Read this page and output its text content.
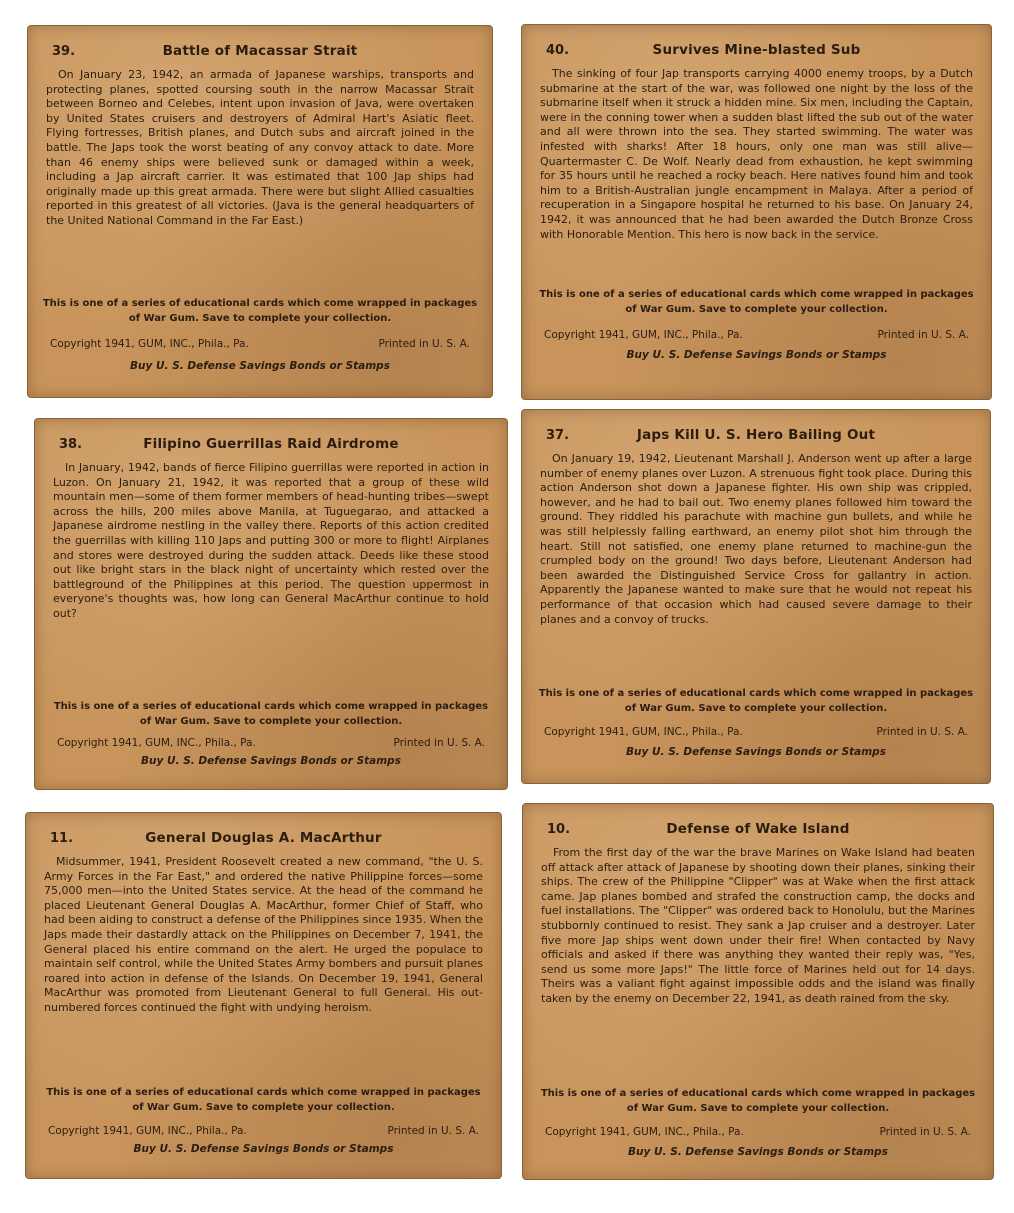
39.	Battle of Macassar Strait
On January 23, 1942, an armada of Japanese warships, transports and protecting planes, spotted coursing south in the narrow Macassar Strait between Borneo and Celebes, intent upon invasion of Java, were overtaken by United States cruisers and destroyers of Admiral Hart's Asiatic fleet. Flying fortresses, British planes, and Dutch subs and aircraft joined in the battle. The Japs took the worst beating of any convoy attack to date. More than 46 enemy ships were believed sunk or damaged within a week, including a Jap aircraft carrier. It was estimated that 100 Jap ships had originally made up this great armada. There were but slight Allied casualties reported in this greatest of all victories. (Java is the general headquarters of the United National Command in the Far East.)
This is one of a series of educational cards which come wrapped in packages of War Gum. Save to complete your collection.
Copyright 1941, GUM, INC., Phila., Pa.	Printed in U. S. A.
Buy U. S. Defense Savings Bonds or Stamps
40.	Survives Mine-blasted Sub
The sinking of four Jap transports carrying 4000 enemy troops, by a Dutch submarine at the start of the war, was followed one night by the loss of the submarine itself when it struck a hidden mine. Six men, including the Captain, were in the conning tower when a sudden blast lifted the sub out of the water and all were thrown into the sea. They started swimming. The water was infested with sharks! After 18 hours, only one man was still alive—Quartermaster C. De Wolf. Nearly dead from exhaustion, he kept swimming for 35 hours until he reached a rocky beach. Here natives found him and took him to a British-Australian jungle encampment in Malaya. After a period of recuperation in a Singapore hospital he returned to his base. On January 24, 1942, it was announced that he had been awarded the Dutch Bronze Cross with Honorable Mention. This hero is now back in the service.
This is one of a series of educational cards which come wrapped in packages of War Gum. Save to complete your collection.
Copyright 1941, GUM, INC., Phila., Pa.	Printed in U. S. A.
Buy U. S. Defense Savings Bonds or Stamps
38.	Filipino Guerrillas Raid Airdrome
In January, 1942, bands of fierce Filipino guerrillas were reported in action in Luzon. On January 21, 1942, it was reported that a group of these wild mountain men—some of them former members of head-hunting tribes—swept across the hills, 200 miles above Manila, at Tuguegarao, and attacked a Japanese airdrome nestling in the valley there. Reports of this action credited the guerrillas with killing 110 Japs and putting 300 or more to flight! Airplanes and stores were destroyed during the sudden attack. Deeds like these stood out like bright stars in the black night of uncertainty which rested over the battleground of the Philippines at this period. The question uppermost in everyone's thoughts was, how long can General MacArthur continue to hold out?
This is one of a series of educational cards which come wrapped in packages of War Gum. Save to complete your collection.
Copyright 1941, GUM, INC., Phila., Pa.	Printed in U. S. A.
Buy U. S. Defense Savings Bonds or Stamps
37.	Japs Kill U. S. Hero Bailing Out
On January 19, 1942, Lieutenant Marshall J. Anderson went up after a large number of enemy planes over Luzon. A strenuous fight took place. During this action Anderson shot down a Japanese fighter. His own ship was crippled, however, and he had to bail out. Two enemy planes followed him toward the ground. They riddled his parachute with machine gun bullets, and while he was still helplessly falling earthward, an enemy pilot shot him through the heart. Still not satisfied, one enemy plane returned to machine-gun the crumpled body on the ground! Two days before, Lieutenant Anderson had been awarded the Distinguished Service Cross for gallantry in action. Apparently the Japanese wanted to make sure that he would not repeat his performance of that occasion which had caused severe damage to their planes and a convoy of trucks.
This is one of a series of educational cards which come wrapped in packages of War Gum. Save to complete your collection.
Copyright 1941, GUM, INC., Phila., Pa.	Printed in U. S. A.
Buy U. S. Defense Savings Bonds or Stamps
11.	General Douglas A. MacArthur
Midsummer, 1941, President Roosevelt created a new command, "the U. S. Army Forces in the Far East," and ordered the native Philippine forces—some 75,000 men—into the United States service. At the head of the command he placed Lieutenant General Douglas A. MacArthur, former Chief of Staff, who had been aiding to construct a defense of the Philippines since 1935. When the Japs made their dastardly attack on the Philippines on December 7, 1941, the General placed his entire command on the alert. He urged the populace to maintain self control, while the United States Army bombers and pursuit planes roared into action in defense of the Islands. On December 19, 1941, General MacArthur was promoted from Lieutenant General to full General. His out-numbered forces continued the fight with undying heroism.
This is one of a series of educational cards which come wrapped in packages of War Gum. Save to complete your collection.
Copyright 1941, GUM, INC., Phila., Pa.	Printed in U. S. A.
Buy U. S. Defense Savings Bonds or Stamps
10.	Defense of Wake Island
From the first day of the war the brave Marines on Wake Island had beaten off attack after attack of Japanese by shooting down their planes, sinking their ships. The crew of the Philippine "Clipper" was at Wake when the first attack came. Jap planes bombed and strafed the construction camp, the docks and fuel installations. The "Clipper" was ordered back to Honolulu, but the Marines stubbornly continued to resist. They sank a Jap cruiser and a destroyer. Later five more Jap ships went down under their fire! When contacted by Navy officials and asked if there was anything they wanted their reply was, "Yes, send us some more Japs!" The little force of Marines held out for 14 days. Theirs was a valiant fight against impossible odds and the island was finally taken by the enemy on December 22, 1941, as death rained from the sky.
This is one of a series of educational cards which come wrapped in packages of War Gum. Save to complete your collection.
Copyright 1941, GUM, INC., Phila., Pa.	Printed in U. S. A.
Buy U. S. Defense Savings Bonds or Stamps
